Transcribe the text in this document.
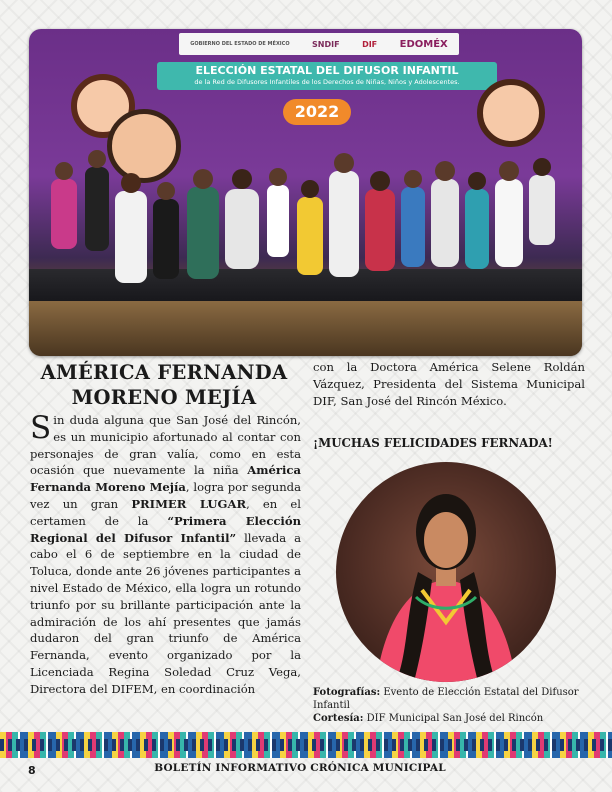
GOBIERNO DEL ESTADO DE MÉXICO	SNDIF	DIF EDOMÉX
ELECCIÓN ESTATAL DEL DIFUSOR INFANTIL
de la Red de Difusores Infantiles de los Derechos de Niñas, Niños y Adolescentes.
2022
AMÉRICA FERNANDA
MORENO MEJÍA
Sin duda alguna que San José del Rincón, es un municipio afortunado al contar con personajes de gran valía, como en esta ocasión que nuevamente la niña América Fernanda Moreno Mejía, logra por segunda vez un gran PRIMER LUGAR, en el certamen de la “Primera Elección Regional del Difusor Infantil” llevada a cabo el 6 de septiembre en la ciudad de Toluca, donde ante 26 jóvenes participantes a nivel Estado de México, ella logra un rotundo triunfo por su brillante participación ante la admiración de los ahí presentes que jamás dudaron del gran triunfo de América Fernanda, evento organizado por la Licenciada Regina Soledad Cruz Vega, Directora del DIFEM, en coordinación
con la Doctora América Selene Roldán Vázquez, Presidenta del Sistema Municipal DIF, San José del Rincón México.
¡MUCHAS FELICIDADES FERNADA!
Fotografías: Evento de Elección Estatal del Difusor Infantil
Cortesía: DIF Municipal San José del Rincón
8	BOLETÍN INFORMATIVO CRÓNICA MUNICIPAL
